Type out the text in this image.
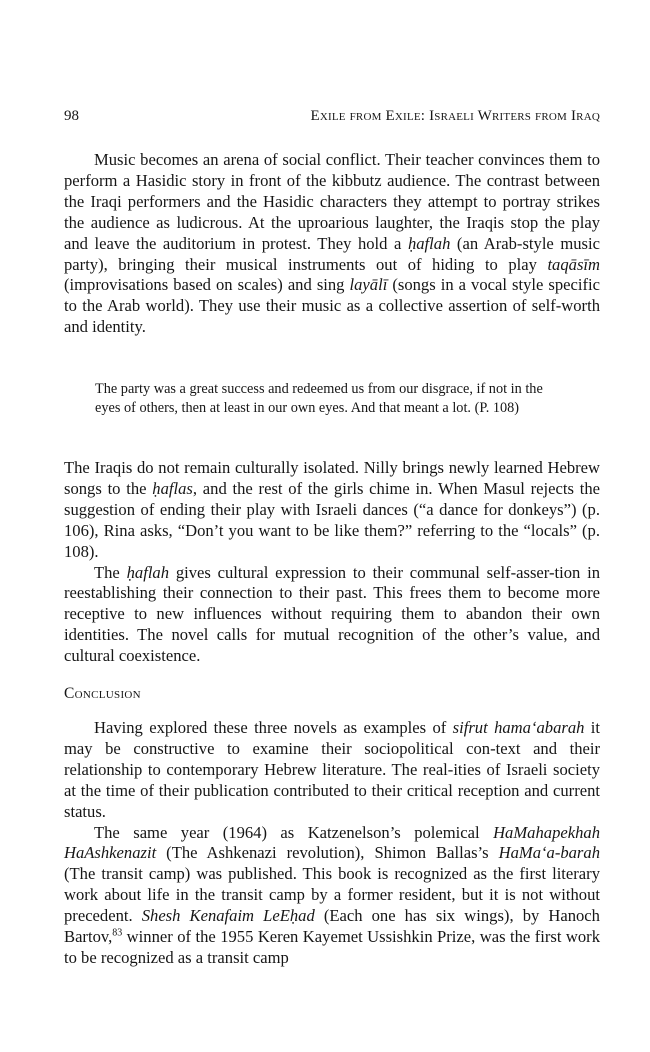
98	Exile from Exile: Israeli Writers from Iraq

Music becomes an arena of social conflict. Their teacher convinces them to perform a Hasidic story in front of the kibbutz audience. The contrast between the Iraqi performers and the Hasidic characters they attempt to portray strikes the audience as ludicrous. At the uproarious laughter, the Iraqis stop the play and leave the auditorium in protest. They hold a ḥaflah (an Arab-style music party), bringing their musical instruments out of hiding to play taqāsīm (improvisations based on scales) and sing layālī (songs in a vocal style specific to the Arab world). They use their music as a collective assertion of self-worth and identity.

The party was a great success and redeemed us from our disgrace, if not in the eyes of others, then at least in our own eyes. And that meant a lot. (P. 108)

The Iraqis do not remain culturally isolated. Nilly brings newly learned Hebrew songs to the ḥaflas, and the rest of the girls chime in. When Masul rejects the suggestion of ending their play with Israeli dances (“a dance for donkeys”) (p. 106), Rina asks, “Don’t you want to be like them?” referring to the “locals” (p. 108).

The ḥaflah gives cultural expression to their communal self-asser-tion in reestablishing their connection to their past. This frees them to become more receptive to new influences without requiring them to abandon their own identities. The novel calls for mutual recognition of the other’s value, and cultural coexistence.

Conclusion

Having explored these three novels as examples of sifrut hama‘abarah it may be constructive to examine their sociopolitical con-text and their relationship to contemporary Hebrew literature. The real-ities of Israeli society at the time of their publication contributed to their critical reception and current status.

The same year (1964) as Katzenelson’s polemical HaMahapekhah HaAshkenazit (The Ashkenazi revolution), Shimon Ballas’s HaMa‘a-barah (The transit camp) was published. This book is recognized as the first literary work about life in the transit camp by a former resident, but it is not without precedent. Shesh Kenafaim LeEḥad (Each one has six wings), by Hanoch Bartov,$^{83}$ winner of the 1955 Keren Kayemet Ussishkin Prize, was the first work to be recognized as a transit camp
